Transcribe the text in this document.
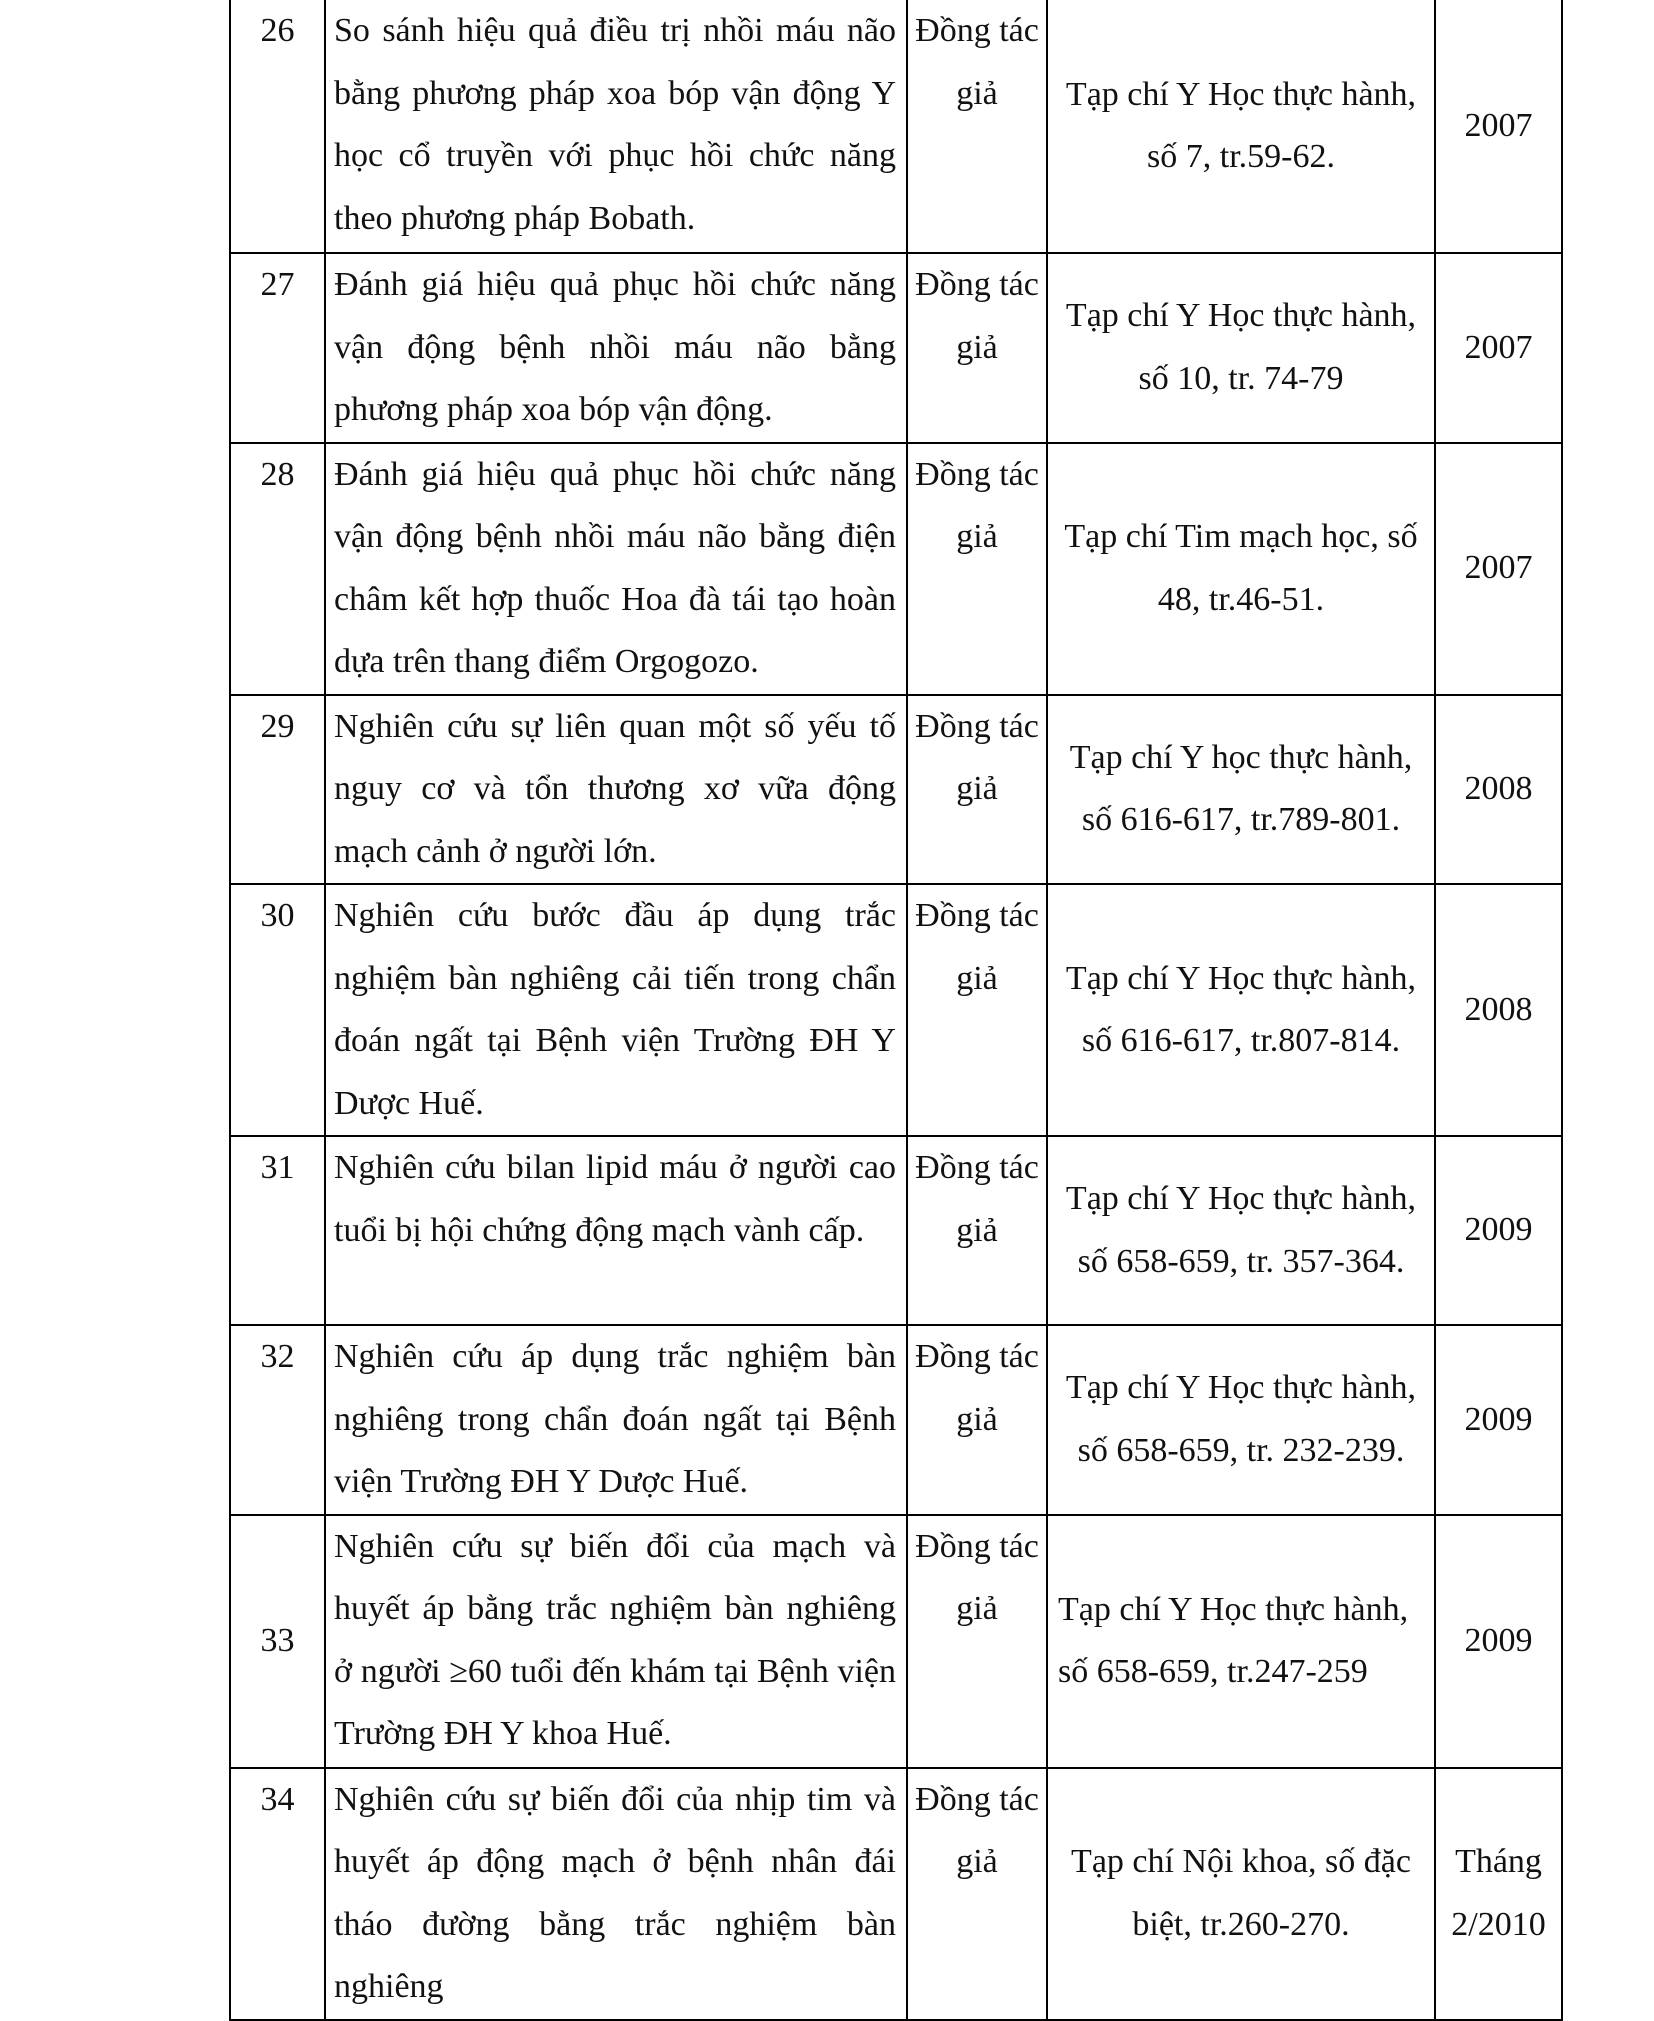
26	So sánh hiệu quả điều trị nhồi máu não bằng phương pháp xoa bóp vận động Y học cổ truyền với phục hồi chức năng theo phương pháp Bobath.	Đồng tác giả	Tạp chí Y Học thực hành, số 7, tr.59-62.	2007
27	Đánh giá hiệu quả phục hồi chức năng vận động bệnh nhồi máu não bằng phương pháp xoa bóp vận động.	Đồng tác giả	Tạp chí Y Học thực hành, số 10, tr. 74-79	2007
28	Đánh giá hiệu quả phục hồi chức năng vận động bệnh nhồi máu não bằng điện châm kết hợp thuốc Hoa đà tái tạo hoàn dựa trên thang điểm Orgogozo.	Đồng tác giả	Tạp chí Tim mạch học, số 48, tr.46-51.	2007
29	Nghiên cứu sự liên quan một số yếu tố nguy cơ và tổn thương xơ vữa động mạch cảnh ở người lớn.	Đồng tác giả	Tạp chí Y học thực hành, số 616-617, tr.789-801.	2008
30	Nghiên cứu bước đầu áp dụng trắc nghiệm bàn nghiêng cải tiến trong chẩn đoán ngất tại Bệnh viện Trường ĐH Y Dược Huế.	Đồng tác giả	Tạp chí Y Học thực hành, số 616-617, tr.807-814.	2008
31	Nghiên cứu bilan lipid máu ở người cao tuổi bị hội chứng động mạch vành cấp.	Đồng tác giả	Tạp chí Y Học thực hành, số 658-659, tr. 357-364.	2009
32	Nghiên cứu áp dụng trắc nghiệm bàn nghiêng trong chẩn đoán ngất tại Bệnh viện Trường ĐH Y Dược Huế.	Đồng tác giả	Tạp chí Y Học thực hành, số 658-659, tr. 232-239.	2009
33	Nghiên cứu sự biến đổi của mạch và huyết áp bằng trắc nghiệm bàn nghiêng ở người ≥60 tuổi đến khám tại Bệnh viện Trường ĐH Y khoa Huế.	Đồng tác giả	Tạp chí Y Học thực hành, số 658-659, tr.247-259	2009
34	Nghiên cứu sự biến đổi của nhịp tim và huyết áp động mạch ở bệnh nhân đái tháo đường bằng trắc nghiệm bàn nghiêng	Đồng tác giả	Tạp chí Nội khoa, số đặc biệt, tr.260-270.	Tháng 2/2010
